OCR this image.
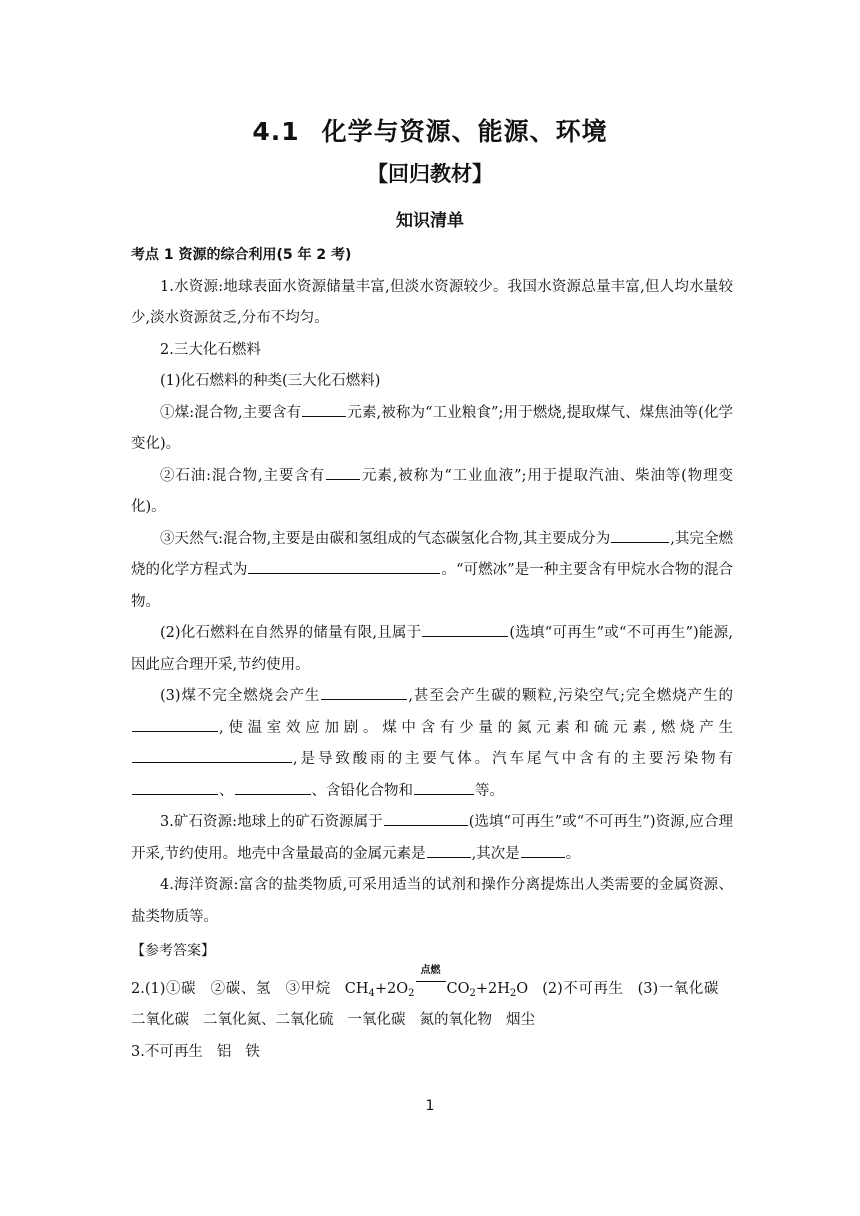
4.1 化学与资源、能源、环境
【回归教材】
知识清单

考点 1 资源的综合利用(5 年 2 考)

1.水资源:地球表面水资源储量丰富,但淡水资源较少。我国水资源总量丰富,但人均水量较少,淡水资源贫乏,分布不均匀。

2.三大化石燃料

(1)化石燃料的种类(三大化石燃料)

①煤:混合物,主要含有	元素,被称为“工业粮食”;用于燃烧,提取煤气、煤焦油等(化学变化)。

②石油:混合物,主要含有 元素,被称为“工业血液”;用于提取汽油、柴油等(物理变化)。

③天然气:混合物,主要是由碳和氢组成的气态碳氢化合物,其主要成分为	,其完全燃烧的化学方程式为	。“可燃冰”是一种主要含有甲烷水合物的混合物。

(2)化石燃料在自然界的储量有限,且属于	(选填“可再生”或“不可再生”)能源,因此应合理开采,节约使用。

(3)煤不完全燃烧会产生	,甚至会产生碳的颗粒,污染空气;完全燃烧产生的,使温室效应加剧。煤中含有少量的氮元素和硫元素,燃烧产生,是导致酸雨的主要气体。汽车尾气中含有的主要污染物有、	、含铅化合物和	等。

3.矿石资源:地球上的矿石资源属于	(选填“可再生”或“不可再生”)资源,应合理开采,节约使用。地壳中含量最高的金属元素是	,其次是	。

4.海洋资源:富含的盐类物质,可采用适当的试剂和操作分离提炼出人类需要的金属资源、盐类物质等。

【参考答案】

2.(1)①碳 ②碳、氢 ③甲烷 $CH_4+2O_2$
点燃
$CO_2+2H_2O$ (2)不可再生 (3)一氧化碳二氧化碳 二氧化氮、二氧化硫 一氧化碳 氮的氧化物 烟尘

3.不可再生 铝 铁

1
